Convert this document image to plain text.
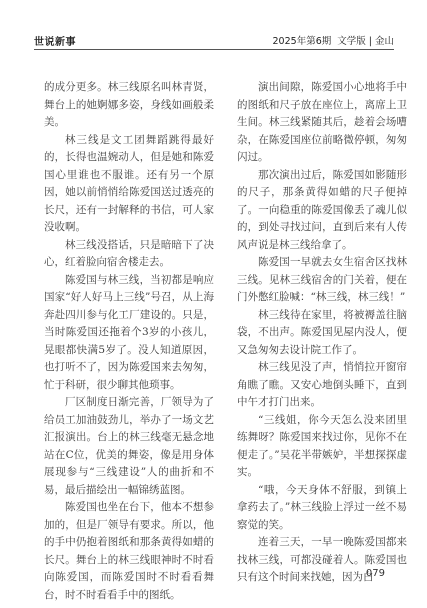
世说新事	2025年第6期 文学版 | 金山

的成分更多。林三线原名叫林青贤，舞台上的她婀娜多姿，身线如画般柔美。

林三线是文工团舞蹈跳得最好的，长得也温婉动人，但是她和陈爱国心里谁也不服谁。还有另一个原因，她以前悄悄给陈爱国送过透亮的长尺，还有一封解释的书信，可人家没收啊。

林三线没搭话，只是暗暗下了决心，红着脸向宿舍楼走去。

陈爱国与林三线，当初都是响应国家“好人好马上三线”号召，从上海奔赴四川参与化工厂建设的。只是，当时陈爱国还拖着个3岁的小孩儿，晃眼都快满5岁了。没人知道原因，也打听不了，因为陈爱国来去匆匆，忙于科研，很少聊其他琐事。

厂区制度日渐完善，厂领导为了给员工加油鼓劲儿，举办了一场文艺汇报演出。台上的林三线毫无悬念地站在C位，优美的舞姿，像是用身体展现参与“三线建设”人的曲折和不易，最后描绘出一幅锦绣蓝图。

陈爱国也坐在台下，他本不想参加的，但是厂领导有要求。所以，他的手中仍抱着图纸和那条黄得如蜡的长尺。舞台上的林三线眼神时不时看向陈爱国，而陈爱国时不时看看舞台，时不时看看手中的图纸。

演出间隙，陈爱国小心地将手中的图纸和尺子放在座位上，离席上卫生间。林三线紧随其后，趁着会场嘈杂，在陈爱国座位前略微停顿，匆匆闪过。

那次演出过后，陈爱国如影随形的尺子，那条黄得如蜡的尺子便掉了。一向稳重的陈爱国像丢了魂儿似的，到处寻找过问，直到后来有人传风声说是林三线给拿了。

陈爱国一早就去女生宿舍区找林三线。见林三线宿舍的门关着，便在门外憋红脸喊：“林三线，林三线！”

林三线待在家里，将被褥盖往脑袋，不出声。陈爱国见屋内没人，便又急匆匆去设计院工作了。

林三线见没了声，悄悄拉开窗帘角瞧了瞧。又安心地倒头睡下，直到中午才打门出来。

“三线姐，你今天怎么没来团里练舞呀？陈爱国来找过你，见你不在便走了。”吴花半带嫉妒，半想探探虚实。

“哦，今天身体不舒服，到镇上拿药去了。”林三线脸上浮过一丝不易察觉的笑。

连着三天，一早一晚陈爱国都来找林三线，可都没碰着人。陈爱国也只有这个时间来找她，因为白

079
